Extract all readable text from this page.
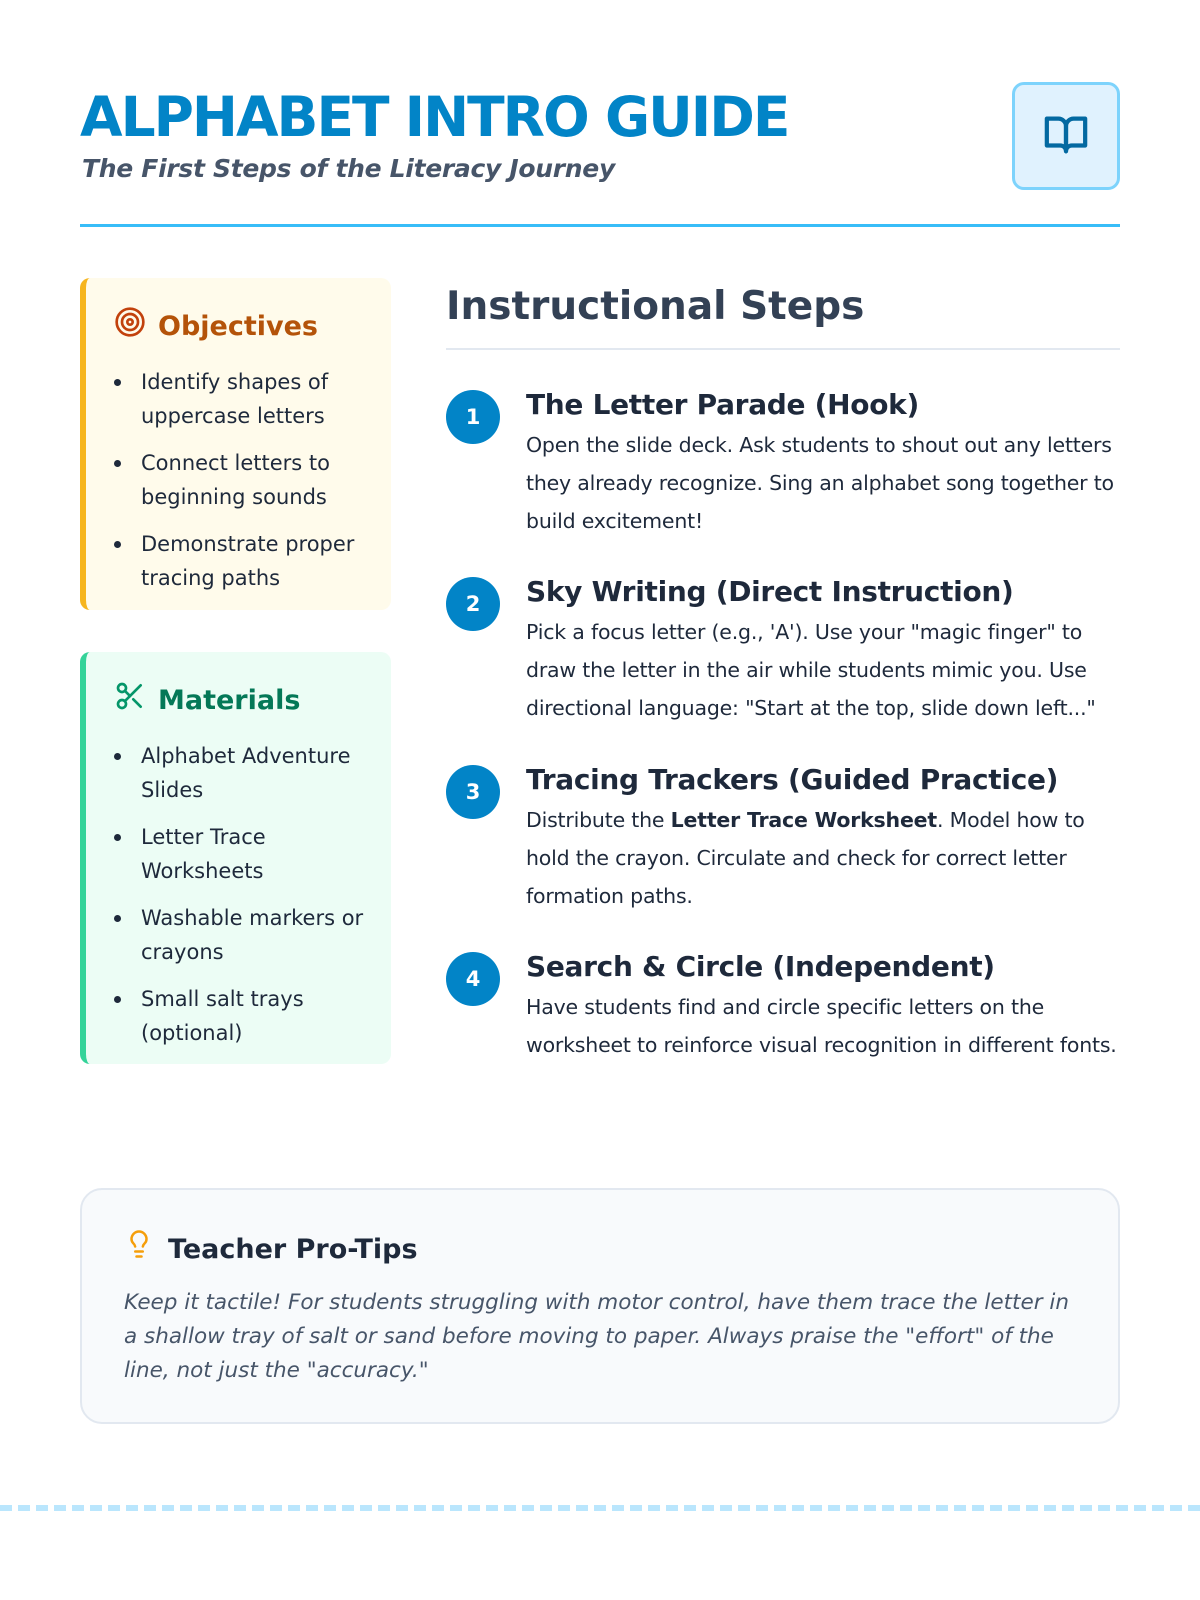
ALPHABET INTRO GUIDE

The First Steps of the Literacy Journey

Objectives
Identify shapes of uppercase letters
Connect letters to beginning sounds
Demonstrate proper tracing paths
Materials
Alphabet Adventure Slides
Letter Trace Worksheets
Washable markers or crayons
Small salt trays (optional)
Instructional Steps
1	The Letter Parade (Hook)

Open the slide deck. Ask students to shout out any letters they already recognize. Sing an alphabet song together to build excitement!

2	Sky Writing (Direct Instruction)

Pick a focus letter (e.g., 'A'). Use your "magic finger" to draw the letter in the air while students mimic you. Use directional language: "Start at the top, slide down left..."

3	Tracing Trackers (Guided Practice)

Distribute the Letter Trace Worksheet. Model how to hold the crayon. Circulate and check for correct letter formation paths.

4	Search & Circle (Independent)

Have students find and circle specific letters on the worksheet to reinforce visual recognition in different fonts.

Teacher Pro-Tips

Keep it tactile! For students struggling with motor control, have them trace the letter in a shallow tray of salt or sand before moving to paper. Always praise the "effort" of the line, not just the "accuracy."
